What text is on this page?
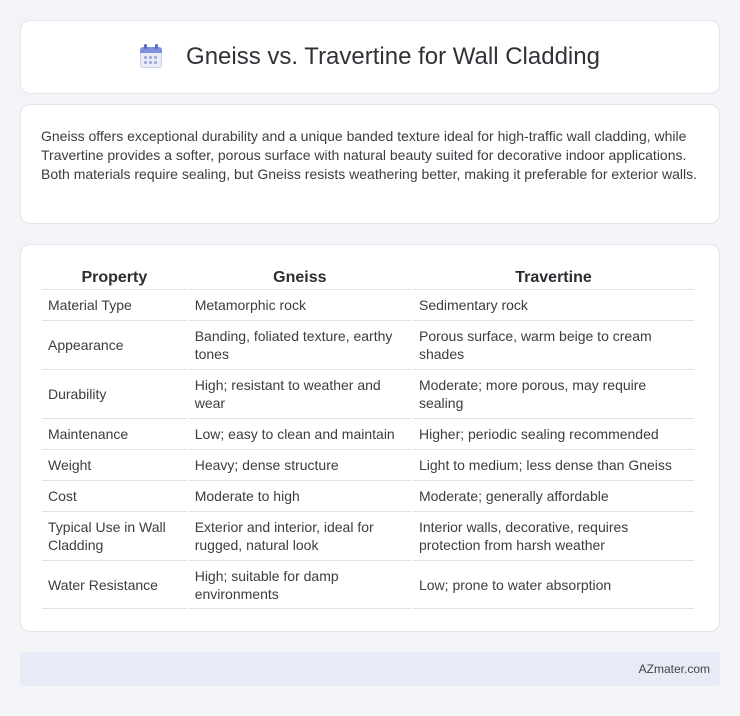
Gneiss vs. Travertine for Wall Cladding

Gneiss offers exceptional durability and a unique banded texture ideal for high-traffic wall cladding, while Travertine provides a softer, porous surface with natural beauty suited for decorative indoor applications. Both materials require sealing, but Gneiss resists weathering better, making it preferable for exterior walls.

Property	Gneiss	Travertine
Material Type	Metamorphic rock	Sedimentary rock
Appearance	Banding, foliated texture, earthy tones	Porous surface, warm beige to cream shades
Durability	High; resistant to weather and wear	Moderate; more porous, may require sealing
Maintenance	Low; easy to clean and maintain	Higher; periodic sealing recommended
Weight	Heavy; dense structure	Light to medium; less dense than Gneiss
Cost	Moderate to high	Moderate; generally affordable
Typical Use in Wall Cladding	Exterior and interior, ideal for rugged, natural look	Interior walls, decorative, requires protection from harsh weather
Water Resistance	High; suitable for damp environments	Low; prone to water absorption
AZmater.com
